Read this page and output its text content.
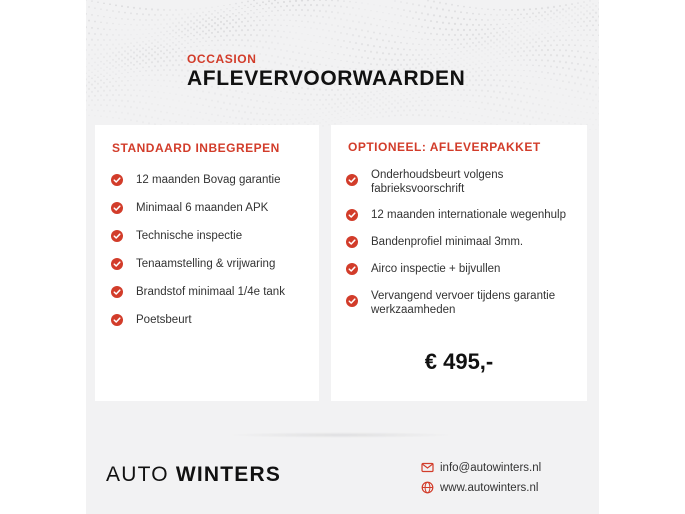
OCCASION
AFLEVERVOORWAARDEN
STANDAARD INBEGREPEN
12 maanden Bovag garantie
Minimaal 6 maanden APK
Technische inspectie
Tenaamstelling & vrijwaring
Brandstof minimaal 1/4e tank
Poetsbeurt
OPTIONEEL: AFLEVERPAKKET
Onderhoudsbeurt volgens fabrieksvoorschrift
12 maanden internationale wegenhulp
Bandenprofiel minimaal 3mm.
Airco inspectie + bijvullen
Vervangend vervoer tijdens garantie werkzaamheden
€ 495,-
AUTO WINTERS	info@autowinters.nl
www.autowinters.nl
